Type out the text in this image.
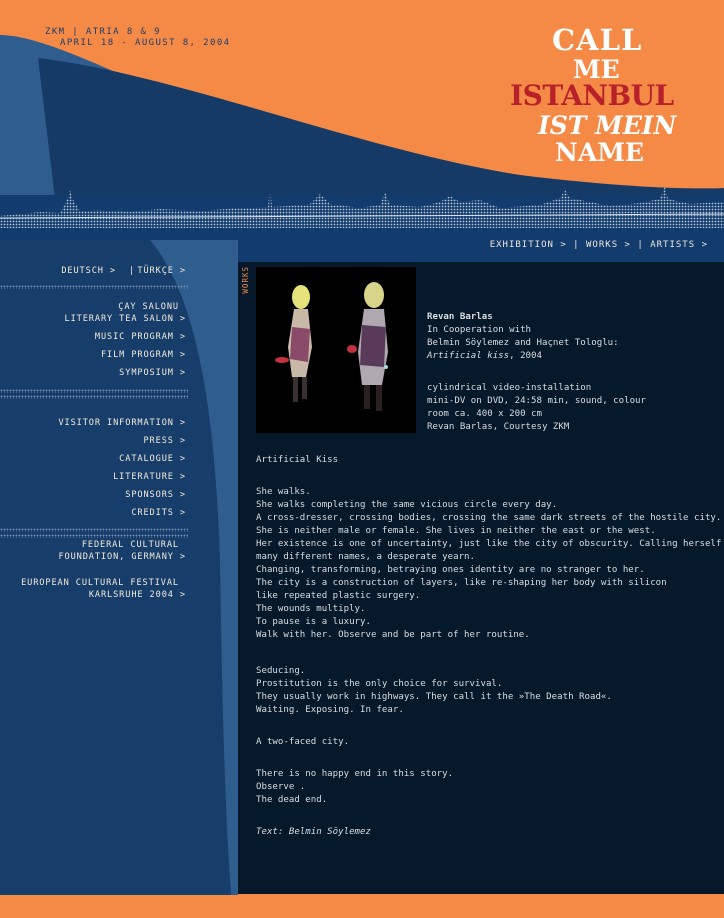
ZKM | ATRIA 8 & 9
APRIL 18 - AUGUST 8, 2004	CALL
ME
ISTANBUL
IST MEIN
NAME
EXHIBITION > | WORKS > | ARTISTS >
TÜRKÇE >
|
DEUTSCH >
ÇAY SALONU
LITERARY TEA SALON >
MUSIC PROGRAM >
FILM PROGRAM >
SYMPOSIUM >
VISITOR INFORMATION >
PRESS >
CATALOGUE >
LITERATURE >
SPONSORS >
CREDITS >
FEDERAL CULTURAL
FOUNDATION, GERMANY >
EUROPEAN CULTURAL FESTIVAL
KARLSRUHE 2004 >
WORKS
Revan Barlas
In Cooperation with
Belmin Söylemez and Haçnet Tologlu:
Artificial kiss, 2004
cylindrical video-installation
mini-DV on DVD, 24:58 min, sound, colour
room ca. 400 x 200 cm
Revan Barlas, Courtesy ZKM
Artificial Kiss
She walks.
She walks completing the same vicious circle every day.
A cross-dresser, crossing bodies, crossing the same dark streets of the hostile city.
She is neither male or female. She lives in neither the east or the west.
Her existence is one of uncertainty, just like the city of obscurity. Calling herself
many different names, a desperate yearn.
Changing, transforming, betraying ones identity are no stranger to her.
The city is a construction of layers, like re-shaping her body with silicon
like repeated plastic surgery.
The wounds multiply.
To pause is a luxury.
Walk with her. Observe and be part of her routine.
Seducing.
Prostitution is the only choice for survival.
They usually work in highways. They call it the »The Death Road«.
Waiting. Exposing. In fear.
A two-faced city.
There is no happy end in this story.
Observe .
The dead end.
Text: Belmin Söylemez
